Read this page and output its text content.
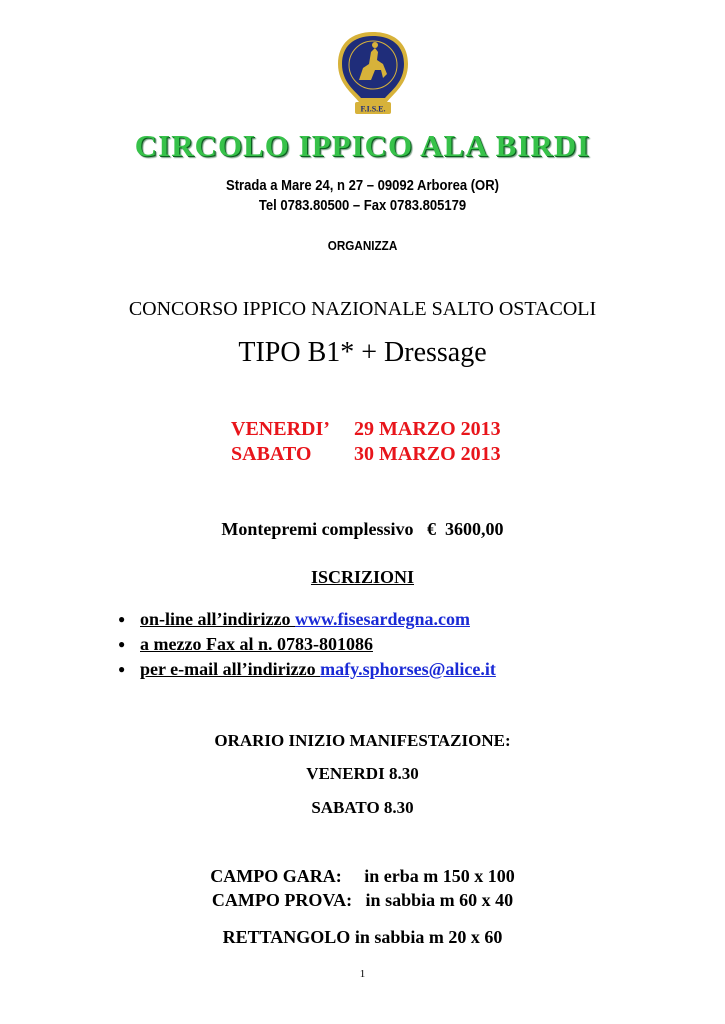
F.I.S.E.
CIRCOLO IPPICO ALA BIRDI
Strada a Mare 24, n 27 – 09092 Arborea (OR)
Tel 0783.80500 – Fax 0783.805179
ORGANIZZA
CONCORSO IPPICO NAZIONALE SALTO OSTACOLI
TIPO B1* + Dressage
VENERDI’ 29 MARZO 2013
SABATO 30 MARZO 2013
Montepremi complessivo   €  3600,00
ISCRIZIONI
● on-line all’indirizzo www.fisesardegna.com
● a mezzo Fax al n. 0783-801086
● per e-mail all’indirizzo mafy.sphorses@alice.it
ORARIO INIZIO MANIFESTAZIONE:
VENERDI 8.30
SABATO 8.30
CAMPO GARA:     in erba m 150 x 100
CAMPO PROVA:   in sabbia m 60 x 40
RETTANGOLO in sabbia m 20 x 60
1
